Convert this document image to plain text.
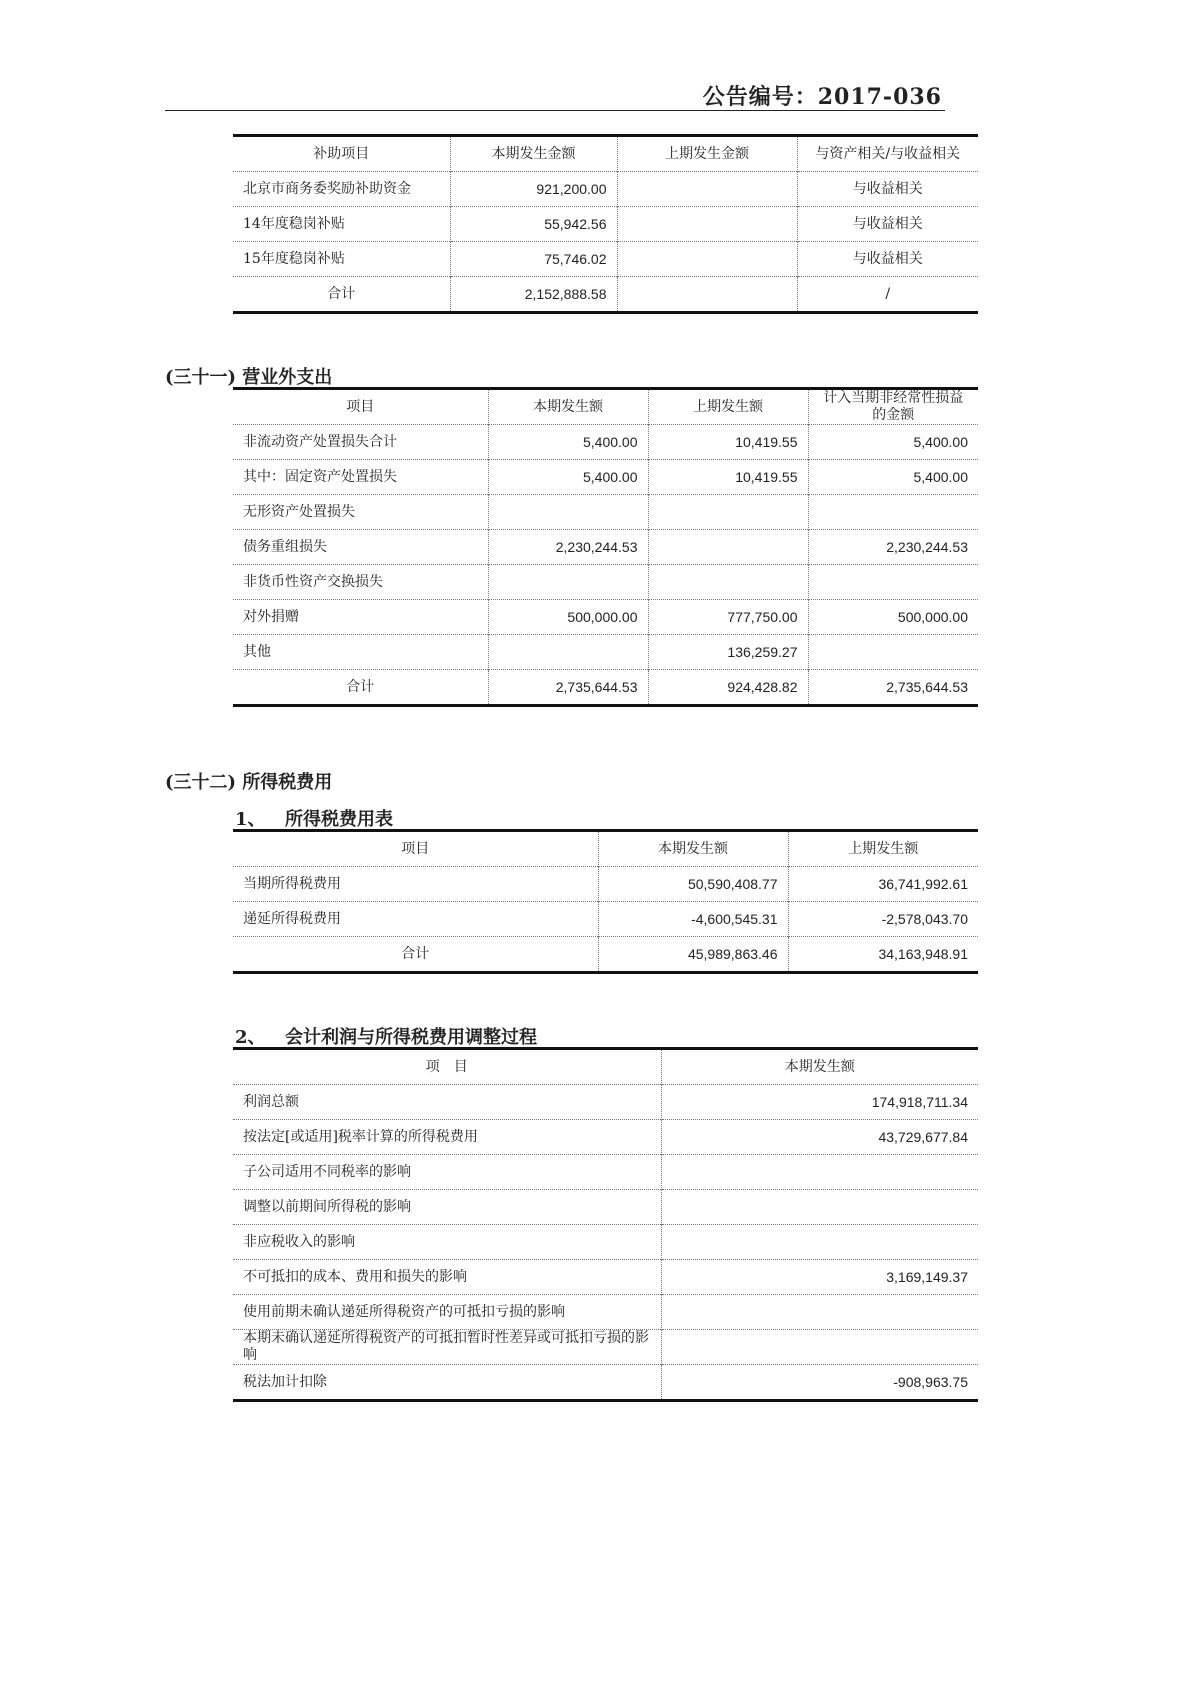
公告编号：2017-036
补助项目	本期发生金额	上期发生金额	与资产相关/与收益相关
北京市商务委奖励补助资金	921,200.00		与收益相关
14年度稳岗补贴	55,942.56		与收益相关
15年度稳岗补贴	75,746.02		与收益相关
合计	2,152,888.58		/
(三十一) 营业外支出
项目	本期发生额	上期发生额	计入当期非经常性损益的金额
非流动资产处置损失合计	5,400.00	10,419.55	5,400.00
其中：固定资产处置损失	5,400.00	10,419.55	5,400.00
无形资产处置损失			
债务重组损失	2,230,244.53		2,230,244.53
非货币性资产交换损失			
对外捐赠	500,000.00	777,750.00	500,000.00
其他		136,259.27	
合计	2,735,644.53	924,428.82	2,735,644.53
(三十二) 所得税费用
1、 所得税费用表
项目	本期发生额	上期发生额
当期所得税费用	50,590,408.77	36,741,992.61
递延所得税费用	-4,600,545.31	-2,578,043.70
合计	45,989,863.46	34,163,948.91
2、 会计利润与所得税费用调整过程
项　目	本期发生额
利润总额	174,918,711.34
按法定[或适用]税率计算的所得税费用	43,729,677.84
子公司适用不同税率的影响	
调整以前期间所得税的影响	
非应税收入的影响	
不可抵扣的成本、费用和损失的影响	3,169,149.37
使用前期未确认递延所得税资产的可抵扣亏损的影响	
本期未确认递延所得税资产的可抵扣暂时性差异或可抵扣亏损的影响	
税法加计扣除	-908,963.75
